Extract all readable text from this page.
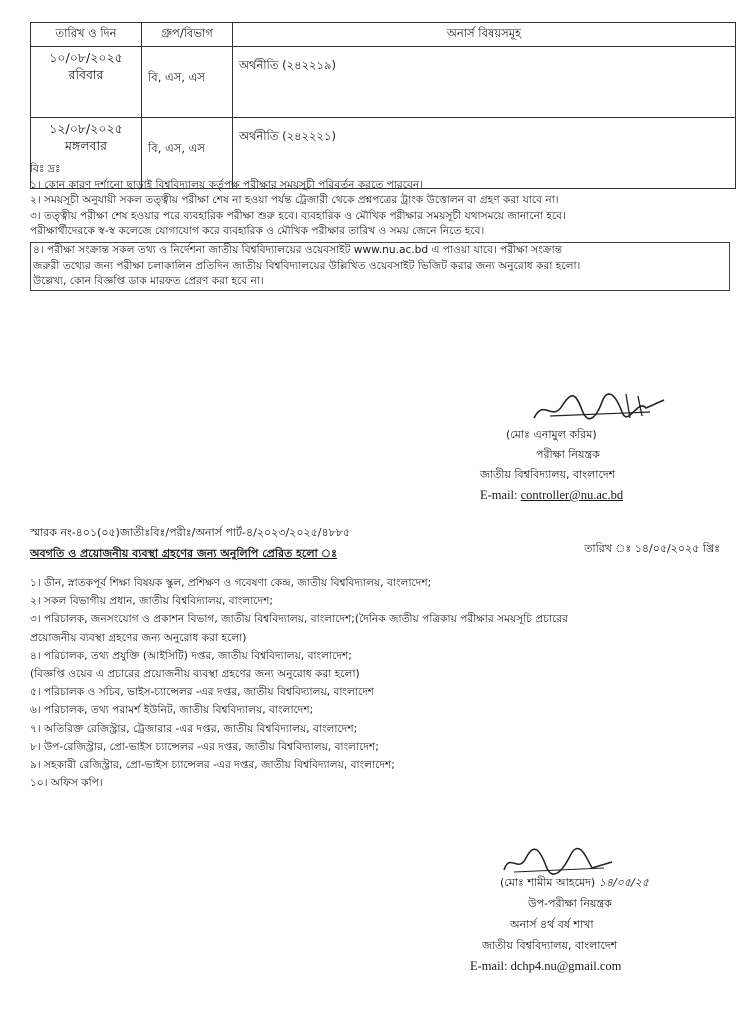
তারিখ ও দিন	গ্রুপ/বিভাগ	অনার্স বিষয়সমূহ

১০/০৮/২০২৫
রবিবার	বি, এস, এস	অর্থনীতি (২৪২২১৯)

১২/০৮/২০২৫
মঙ্গলবার	বি, এস, এস	অর্থনীতি (২৪২২২১)

বিঃ দ্রঃ

১। কোন কারণ দর্শানো ছাড়াই বিশ্ববিদ্যালয় কর্তৃপক্ষ পরীক্ষার সময়সূচী পরিবর্তন করতে পারবেন।

২। সময়সূচী অনুযায়ী সকল তত্ত্বীয় পরীক্ষা শেষ না হওয়া পর্যন্ত ট্রেজারী থেকে প্রশ্নপত্রের ট্রাংক উত্তোলন বা গ্রহণ করা যাবে না।

৩। তত্ত্বীয় পরীক্ষা শেষ হওয়ার পরে ব্যবহারিক পরীক্ষা শুরু হবে। ব্যবহারিক ও মৌখিক পরীক্ষার সময়সূচী যথাসময়ে জানানো হবে।

পরীক্ষার্থীদেরকে স্ব-স্ব কলেজে যোগাযোগ করে ব্যবহারিক ও মৌখিক পরীক্ষার তারিখ ও সময় জেনে নিতে হবে।

৪। পরীক্ষা সংক্রান্ত সকল তথ্য ও নির্দেশনা জাতীয় বিশ্ববিদ্যালয়ের ওয়েবসাইট www.nu.ac.bd এ পাওয়া যাবে। পরীক্ষা সংক্রান্ত

জরুরী তথ্যের জন্য পরীক্ষা চলাকালিন প্রতিদিন জাতীয় বিশ্ববিদ্যালয়ের উল্লিখিত ওয়েবসাইট ভিজিট করার জন্য অনুরোধ করা হলো।

উল্লেখ্য, কোন বিজ্ঞপ্তি ডাক মারফত প্রেরণ করা হবে না।

(মোঃ এনামুল করিম)
পরীক্ষা নিয়ন্ত্রক
জাতীয় বিশ্ববিদ্যালয়, বাংলাদেশ
E-mail: controller@nu.ac.bd
স্মারক নং-৪০১(০৫)জাতীঃবিঃ/পরীঃ/অনার্স পার্ট-৪/২০২৩/২০২৫/৪৮৮৫
তারিখ ঃ ১৪/০৫/২০২৫ খ্রিঃ
অবগতি ও প্রয়োজনীয় ব্যবস্থা গ্রহণের জন্য অনুলিপি প্রেরিত হলো ঃ

১। ডীন, স্নাতকপূর্ব শিক্ষা বিষয়ক স্কুল, প্রশিক্ষণ ও গবেষণা কেন্দ্র, জাতীয় বিশ্ববিদ্যালয়, বাংলাদেশ;

২। সকল বিভাগীয় প্রধান, জাতীয় বিশ্ববিদ্যালয়, বাংলাদেশ;

৩। পরিচালক, জনসংযোগ ও প্রকাশন বিভাগ, জাতীয় বিশ্ববিদ্যালয়, বাংলাদেশ;(দৈনিক জাতীয় পত্রিকায় পরীক্ষার সময়সূচি প্রচারের

প্রয়োজনীয় ব্যবস্থা গ্রহণের জন্য অনুরোধ করা হলো)

৪। পরিচালক, তথ্য প্রযুক্তি (আইসিটি) দপ্তর, জাতীয় বিশ্ববিদ্যালয়, বাংলাদেশ;

(বিজ্ঞপ্তি ওয়েব এ প্রচারের প্রয়োজনীয় ব্যবস্থা গ্রহণের জন্য অনুরোধ করা হলো)

৫। পরিচালক ও সচিব, ভাইস-চ্যান্সেলর -এর দপ্তর, জাতীয় বিশ্ববিদ্যালয়, বাংলাদেশ

৬। পরিচালক, তথ্য পরামর্শ ইউনিট, জাতীয় বিশ্ববিদ্যালয়, বাংলাদেশ;

৭। অতিরিক্ত রেজিস্ট্রার, ট্রেজারার -এর দপ্তর, জাতীয় বিশ্ববিদ্যালয়, বাংলাদেশ;

৮। উপ-রেজিস্ট্রার, প্রো-ভাইস চ্যান্সেলর -এর দপ্তর, জাতীয় বিশ্ববিদ্যালয়, বাংলাদেশ;

৯। সহকারী রেজিস্ট্রার, প্রো-ভাইস চ্যান্সেলর -এর দপ্তর, জাতীয় বিশ্ববিদ্যালয়, বাংলাদেশ;

১০। অফিস কপি।

(মোঃ শামীম আহমেদ) ১৪/০৫/২৫
উপ-পরীক্ষা নিয়ন্ত্রক
অনার্স ৪র্থ বর্ষ শাখা
জাতীয় বিশ্ববিদ্যালয়, বাংলাদেশ
E-mail: dchp4.nu@gmail.com
